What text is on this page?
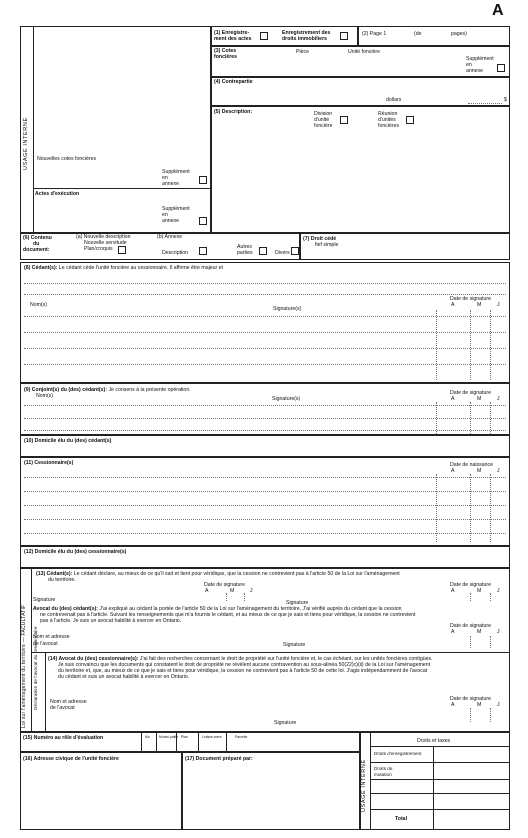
A
USAGE INTERNE Nouvelles cotes foncières
Supplément
en
annexe
Actes d'exécution
Supplément
en
annexe
(1) Enregistre-
ment des actes
Enregistrement des
droits immobiliers
(2) Page 1	(de	pages)
(3) Cotes
foncières
Pièce	Unité foncière
Supplément
en
annexe
(4) Contrepartie
dollars	$
(5) Description:	Division
d'unité
foncière
Réunion
d'unités
foncières
(6) Contenu
du
document:
(a) Nouvelle description
Nouvelle servitude
Plan/croquis
(b) Annexe
Description
Autres
parties	Divers
(7) Droit cédé
fief simple
(8) Cédant(s): Le cédant cède l'unité foncière au cessionnaire. Il affirme être majeur et
Nom(s)
Signature(s)
Date de signature
A	M	J
(9) Conjoint(s) du (des) cédant(s): Je consens à la présente opération.
Nom(s)	Signature(s)
Date de signature
A	M	J
(10) Domicile élu du (des) cédant(s)
(11) Cessionnaire(s)	Date de naissance
A	M	J
(12) Domicile élu du (des) cessionnaire(s)
Loi sur l'aménagement du territoire — FACULTATIF Déclaration de l'avocat du cessionnaire
(13) Cédant(s): Le cédant déclare, au mieux de ce qu'il sait et tient pour véridique, que la cession ne contrevient pas à l'article 50 de la Loi sur l'aménagement
du territoire.
Date de signature
A	M	J
Date de signature
A	M	J
Signature	Signature
Avocat du (des) cédant(s): J'ai expliqué au cédant la portée de l'article 50 de la Loi sur l'aménagement du territoire. J'ai vérifié auprès du cédant que la cession
ne contrevenait pas à l'article. Suivant les renseignements que m'a fournis le cédant, et au mieux de ce que je sais et tiens pour véridique, la cession ne contrevient
pas à l'article. Je suis un avocat habilité à exercer en Ontario.
Date de signature
A	M	J
Nom et adresse
de l'avocat	Signature
(14) Avocat du (des) cessionnaire(s): J'ai fait des recherches concernant le droit de propriété sur l'unité foncière et, le cas échéant, sur les unités foncières contigües.
Je suis convaincu que les documents qui constatent le droit de propriété ne révèlent aucune contravention au sous-alinéa 50(22)c)(ii) de la Loi sur l'aménagement
du territoire et, que, au mieux de ce que je sais et tiens pour véridique, la cession ne contrevient pas à l'article 50 de cette loi. J'agis indépendamment de l'avocat
du cédant et suis un avocat habilité à exercer en Ontario.
Date de signature
A	M	J
Nom et adresse
de l'avocat
Signature
(15) Numéro au rôle d'évaluation	Mu	Munici-palité Plan	Lotisse-ment	Parcelle
(16) Adresse civique de l'unité foncière	(17) Document préparé par:
USAGE INTERNE
Droits et taxes
Droits d'enregistrement
Droits de
mutation
Total
